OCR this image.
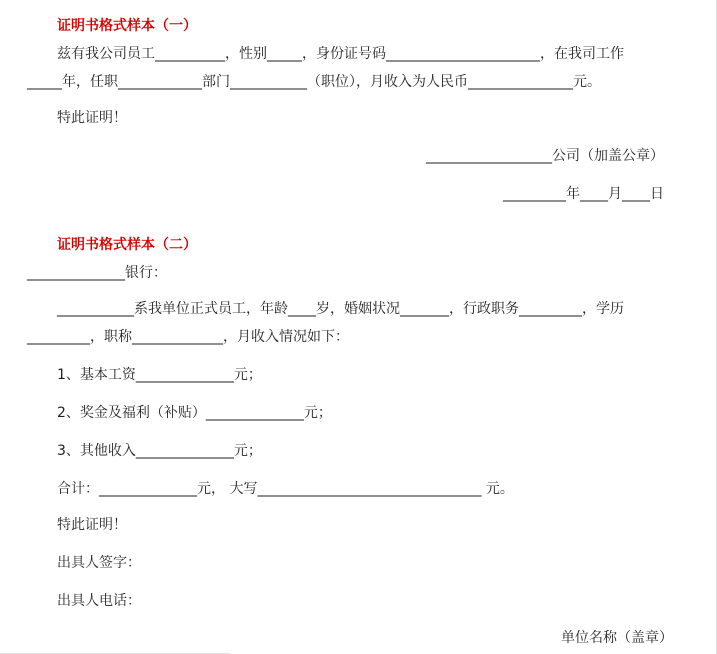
证明书格式样本（一）
兹有我公司员工__________，性别_____，身份证号码______________________，在我司工作
_____年，任职____________部门___________（职位），月收入为人民币_______________元。
特此证明！
__________________公司（加盖公章）
_________年____月____日
证明书格式样本（二）
______________银行：
___________系我单位正式员工，年龄____岁，婚姻状况_______，行政职务_________，学历
_________，职称_____________，月收入情况如下：
1、基本工资______________元；
2、奖金及福利（补贴）______________元；
3、其他收入______________元；
合计：______________元， 大写________________________________ 元。
特此证明！
出具人签字：
出具人电话：
单位名称（盖章）
